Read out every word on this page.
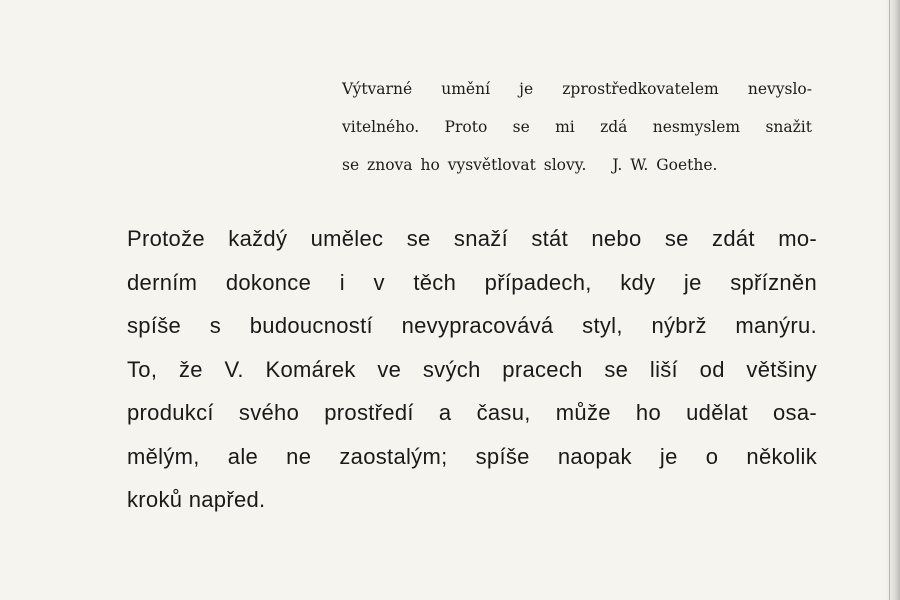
Výtvarné umění je zprostředkovatelem nevyslo-
vitelného. Proto se mi zdá nesmyslem snažit
se znova ho vysvětlovat slovy. J. W. Goethe.
Protože každý umělec se snaží stát nebo se zdát mo-
derním dokonce i v těch případech, kdy je spřízněn
spíše s budoucností nevypracovává styl, nýbrž manýru.
To, že V. Komárek ve svých pracech se liší od většiny
produkcí svého prostředí a času, může ho udělat osa-
mělým, ale ne zaostalým; spíše naopak je o několik
kroků napřed.
